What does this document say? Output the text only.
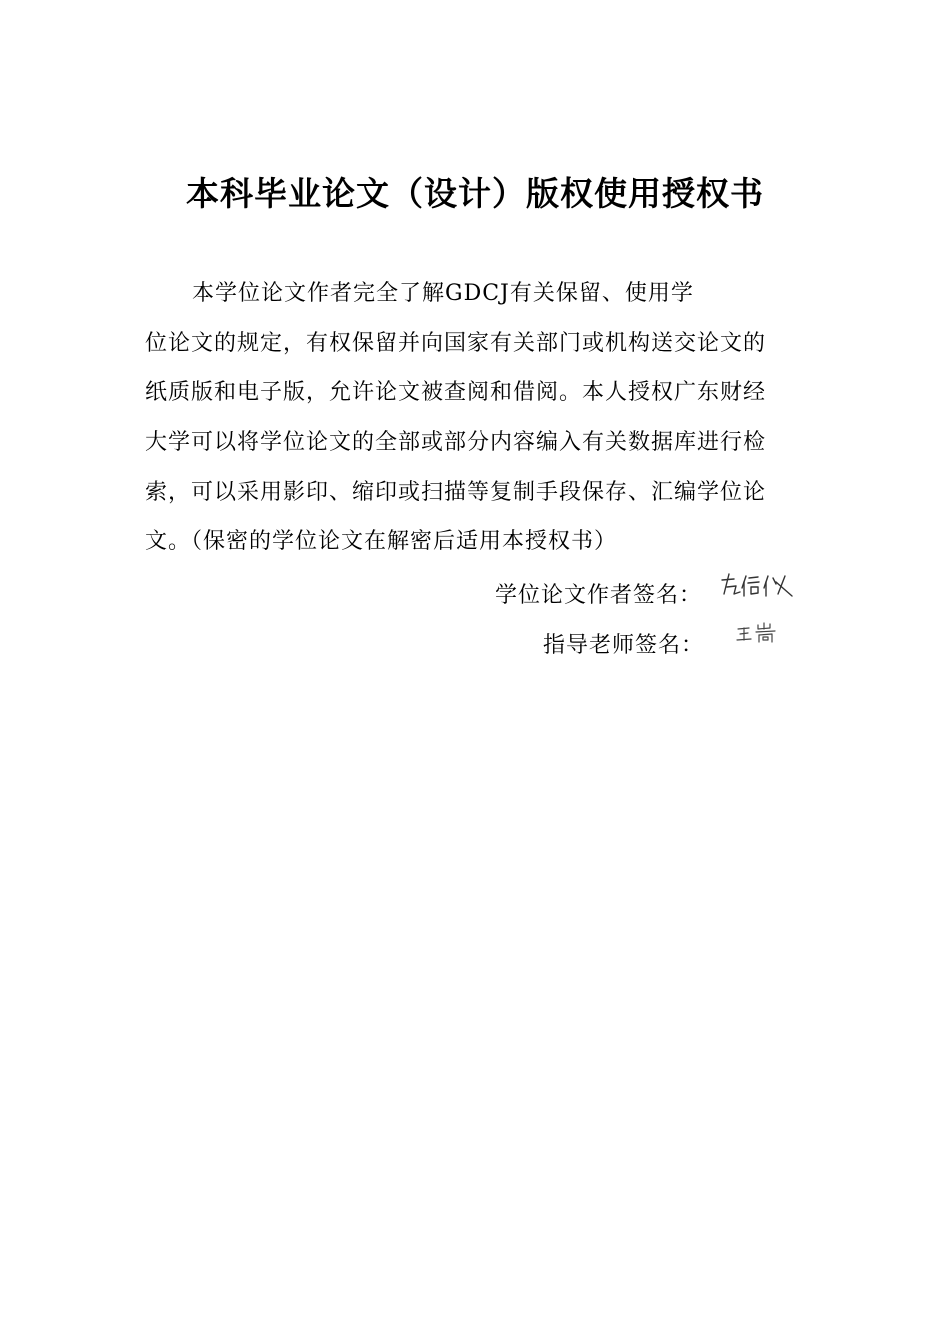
本科毕业论文（设计）版权使用授权书
本学位论文作者完全了解GDCJ有关保留、使用学
位论文的规定，有权保留并向国家有关部门或机构送交论文的
纸质版和电子版，允许论文被查阅和借阅。本人授权广东财经
大学可以将学位论文的全部或部分内容编入有关数据库进行检
索，可以采用影印、缩印或扫描等复制手段保存、汇编学位论
文。（保密的学位论文在解密后适用本授权书）
学位论文作者签名：
指导老师签名：
